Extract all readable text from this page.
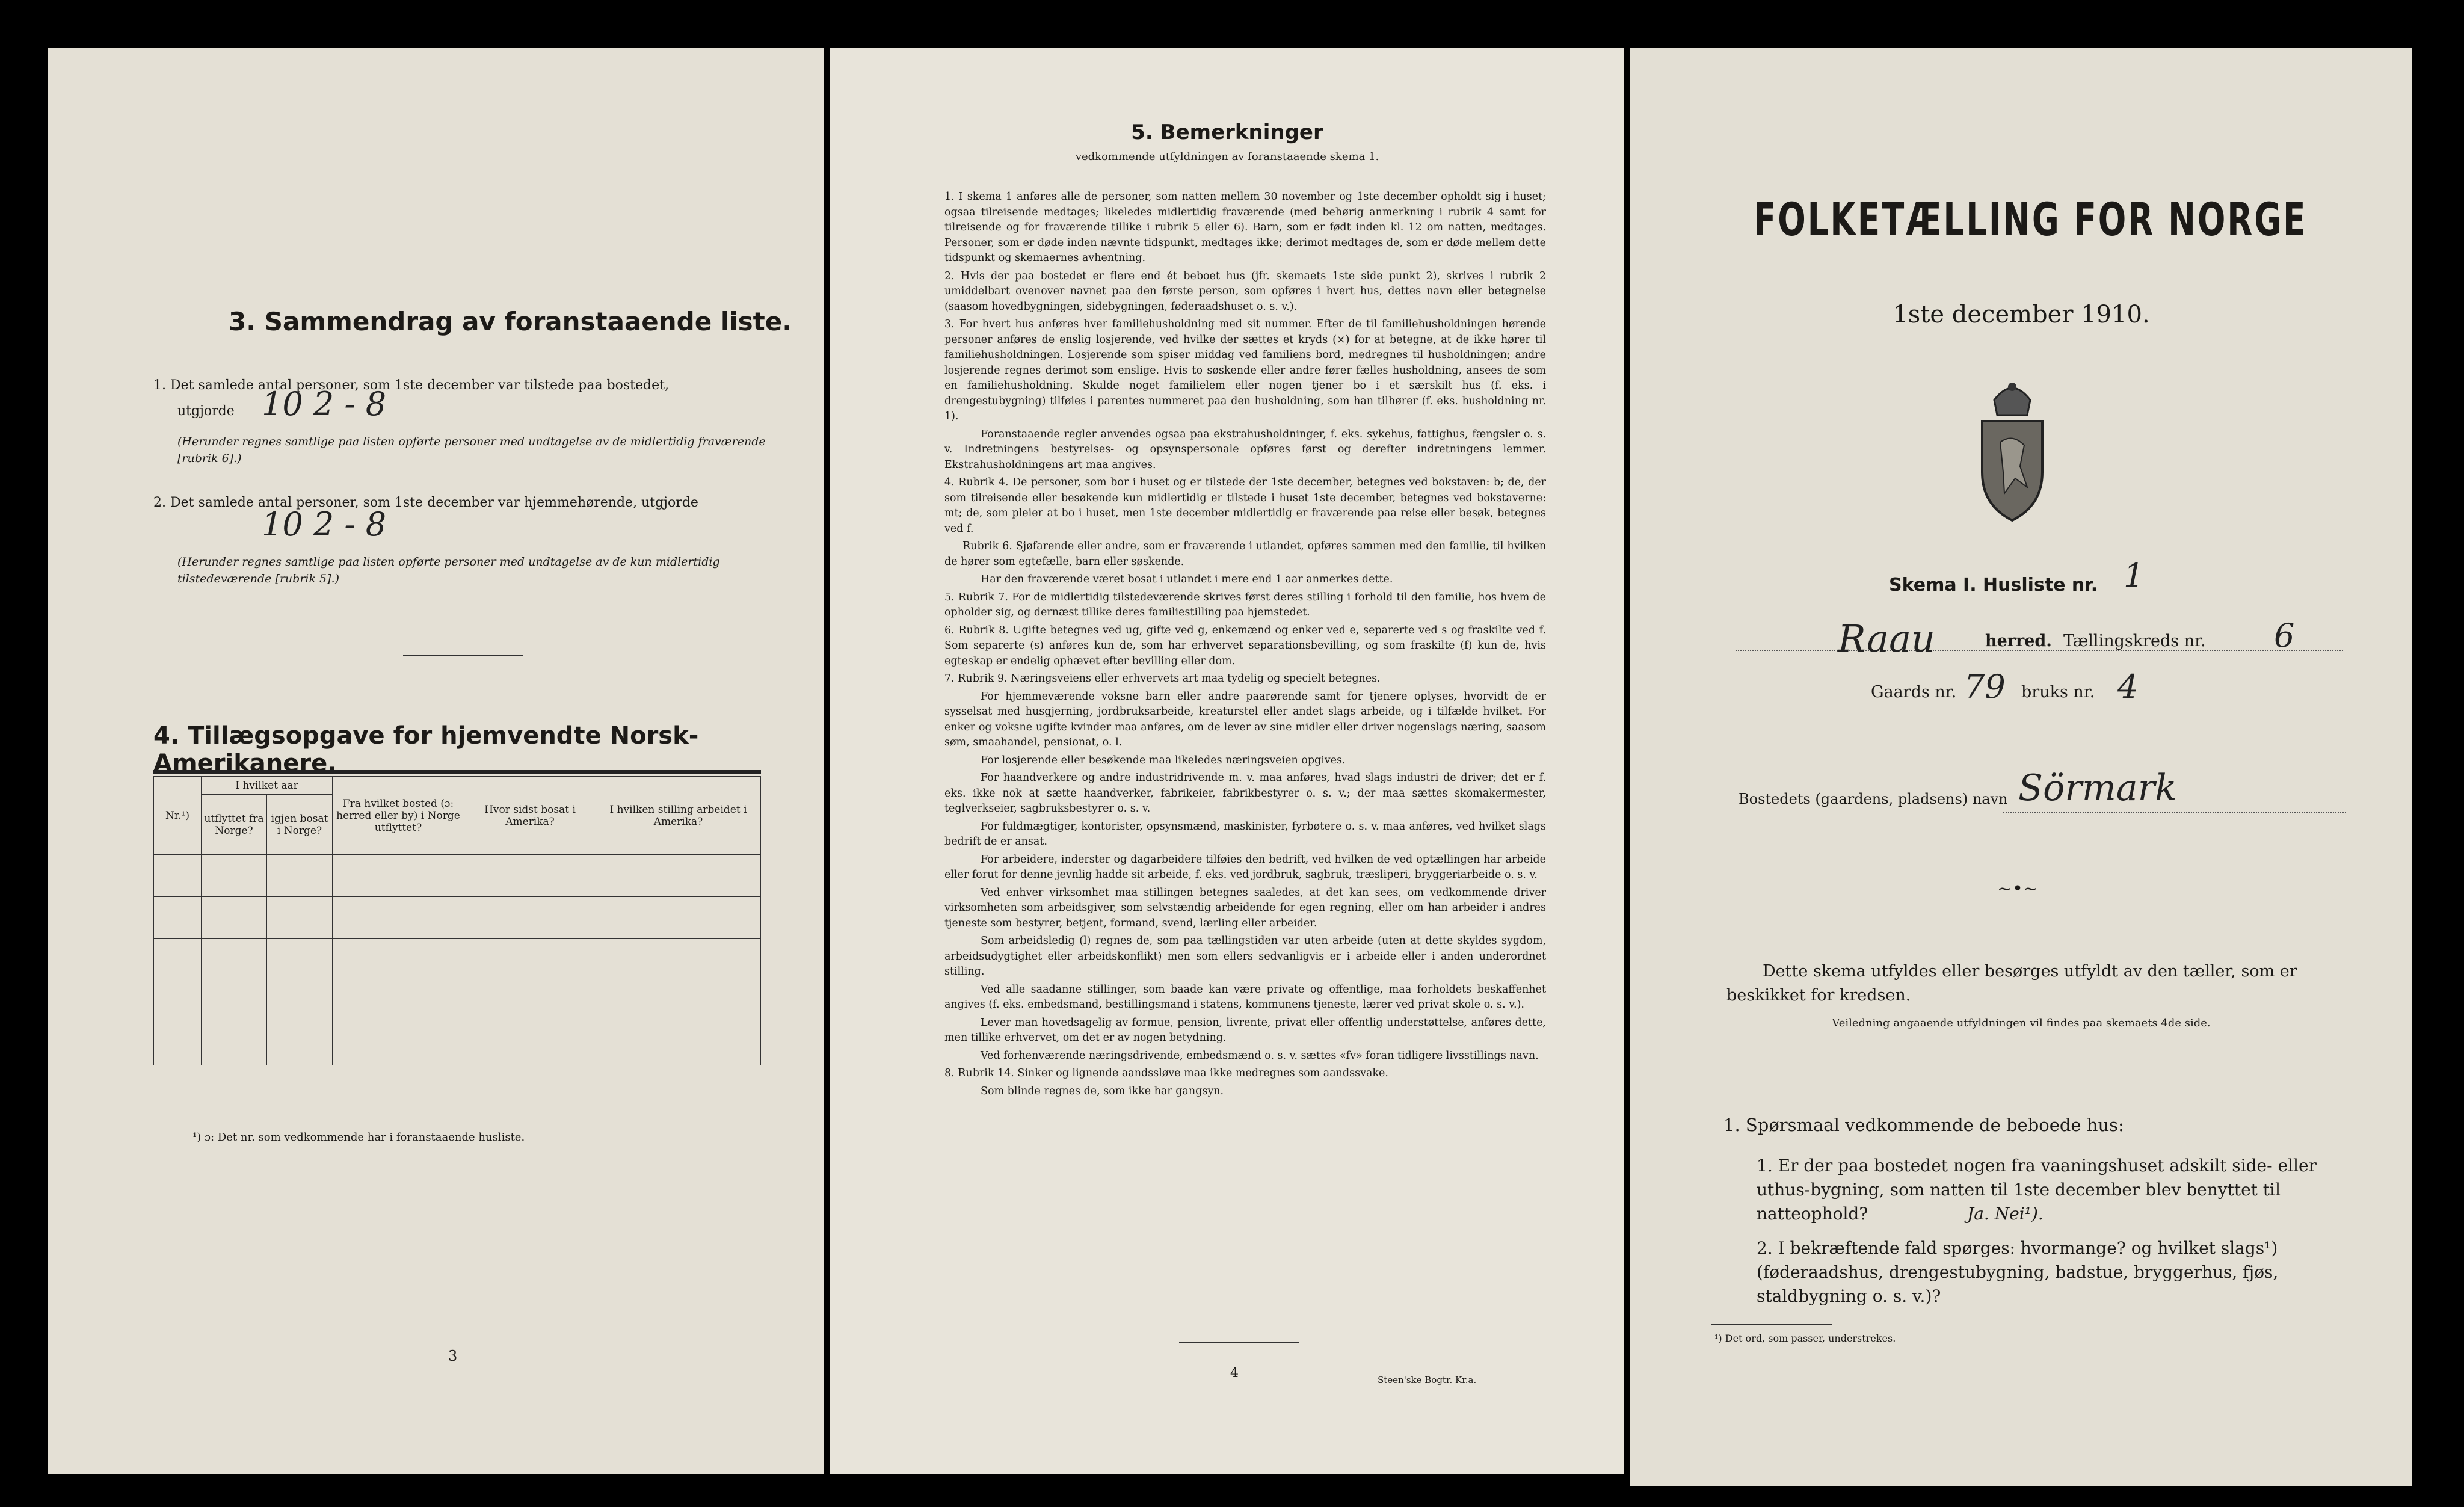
3. Sammendrag av foranstaaende liste.
1. Det samlede antal personer, som 1ste december var tilstede paa bostedet,
utgjorde 10 2 - 8
(Herunder regnes samtlige paa listen opførte personer med undtagelse av de midlertidig fraværende [rubrik 6].)
2. Det samlede antal personer, som 1ste december var hjemmehørende, utgjorde
10 2 - 8
(Herunder regnes samtlige paa listen opførte personer med undtagelse av de kun midlertidig tilstedeværende [rubrik 5].)
4. Tillægsopgave for hjemvendte Norsk-Amerikanere.
Nr.¹)	I hvilket aar		Fra hvilket bosted (ɔ: herred eller by) i Norge utflyttet?	Hvor sidst bosat i Amerika?	I hvilken stilling arbeidet i Amerika?
	utflyttet fra Norge?	igjen bosat i Norge?			

¹) ɔ: Det nr. som vedkommende har i foranstaaende husliste.
3
5. Bemerkninger
vedkommende utfyldningen av foranstaaende skema 1.

1. I skema 1 anføres alle de personer, som natten mellem 30 november og 1ste december opholdt sig i huset; ogsaa tilreisende medtages; likeledes midlertidig fraværende (med behørig anmerkning i rubrik 4 samt for tilreisende og for fraværende tillike i rubrik 5 eller 6). Barn, som er født inden kl. 12 om natten, medtages. Personer, som er døde inden nævnte tidspunkt, medtages ikke; derimot medtages de, som er døde mellem dette tidspunkt og skemaernes avhentning.

2. Hvis der paa bostedet er flere end ét beboet hus (jfr. skemaets 1ste side punkt 2), skrives i rubrik 2 umiddelbart ovenover navnet paa den første person, som opføres i hvert hus, dettes navn eller betegnelse (saasom hovedbygningen, sidebygningen, føderaadshuset o. s. v.).

3. For hvert hus anføres hver familiehusholdning med sit nummer. Efter de til familiehusholdningen hørende personer anføres de enslig losjerende, ved hvilke der sættes et kryds (×) for at betegne, at de ikke hører til familiehusholdningen. Losjerende som spiser middag ved familiens bord, medregnes til husholdningen; andre losjerende regnes derimot som enslige. Hvis to søskende eller andre fører fælles husholdning, ansees de som en familiehusholdning. Skulde noget familielem eller nogen tjener bo i et særskilt hus (f. eks. i drengestubygning) tilføies i parentes nummeret paa den husholdning, som han tilhører (f. eks. husholdning nr. 1).

Foranstaaende regler anvendes ogsaa paa ekstrahusholdninger, f. eks. sykehus, fattighus, fængsler o. s. v. Indretningens bestyrelses- og opsynspersonale opføres først og derefter indretningens lemmer. Ekstrahusholdningens art maa angives.

4. Rubrik 4. De personer, som bor i huset og er tilstede der 1ste december, betegnes ved bokstaven: b; de, der som tilreisende eller besøkende kun midlertidig er tilstede i huset 1ste december, betegnes ved bokstaverne: mt; de, som pleier at bo i huset, men 1ste december midlertidig er fraværende paa reise eller besøk, betegnes ved f.

Rubrik 6. Sjøfarende eller andre, som er fraværende i utlandet, opføres sammen med den familie, til hvilken de hører som egtefælle, barn eller søskende.

Har den fraværende været bosat i utlandet i mere end 1 aar anmerkes dette.

5. Rubrik 7. For de midlertidig tilstedeværende skrives først deres stilling i forhold til den familie, hos hvem de opholder sig, og dernæst tillike deres familiestilling paa hjemstedet.

6. Rubrik 8. Ugifte betegnes ved ug, gifte ved g, enkemænd og enker ved e, separerte ved s og fraskilte ved f. Som separerte (s) anføres kun de, som har erhvervet separationsbevilling, og som fraskilte (f) kun de, hvis egteskap er endelig ophævet efter bevilling eller dom.

7. Rubrik 9. Næringsveiens eller erhvervets art maa tydelig og specielt betegnes.

For hjemmeværende voksne barn eller andre paarørende samt for tjenere oplyses, hvorvidt de er sysselsat med husgjerning, jordbruksarbeide, kreaturstel eller andet slags arbeide, og i tilfælde hvilket. For enker og voksne ugifte kvinder maa anføres, om de lever av sine midler eller driver nogenslags næring, saasom søm, smaahandel, pensionat, o. l.

For losjerende eller besøkende maa likeledes næringsveien opgives.

For haandverkere og andre industridrivende m. v. maa anføres, hvad slags industri de driver; det er f. eks. ikke nok at sætte haandverker, fabrikeier, fabrikbestyrer o. s. v.; der maa sættes skomakermester, teglverkseier, sagbruksbestyrer o. s. v.

For fuldmægtiger, kontorister, opsynsmænd, maskinister, fyrbøtere o. s. v. maa anføres, ved hvilket slags bedrift de er ansat.

For arbeidere, inderster og dagarbeidere tilføies den bedrift, ved hvilken de ved optællingen har arbeide eller forut for denne jevnlig hadde sit arbeide, f. eks. ved jordbruk, sagbruk, træsliperi, bryggeriarbeide o. s. v.

Ved enhver virksomhet maa stillingen betegnes saaledes, at det kan sees, om vedkommende driver virksomheten som arbeidsgiver, som selvstændig arbeidende for egen regning, eller om han arbeider i andres tjeneste som bestyrer, betjent, formand, svend, lærling eller arbeider.

Som arbeidsledig (l) regnes de, som paa tællingstiden var uten arbeide (uten at dette skyldes sygdom, arbeidsudygtighet eller arbeidskonflikt) men som ellers sedvanligvis er i arbeide eller i anden underordnet stilling.

Ved alle saadanne stillinger, som baade kan være private og offentlige, maa forholdets beskaffenhet angives (f. eks. embedsmand, bestillingsmand i statens, kommunens tjeneste, lærer ved privat skole o. s. v.).

Lever man hovedsagelig av formue, pension, livrente, privat eller offentlig understøttelse, anføres dette, men tillike erhvervet, om det er av nogen betydning.

Ved forhenværende næringsdrivende, embedsmænd o. s. v. sættes «fv» foran tidligere livsstillings navn.

8. Rubrik 14. Sinker og lignende aandssløve maa ikke medregnes som aandssvake.

Som blinde regnes de, som ikke har gangsyn.

4	Steen'ske Bogtr. Kr.a.
FOLKETÆLLING FOR NORGE
1ste december 1910.
Skema I. Husliste nr. 1
Raau	herred. Tællingskreds nr. 6
Gaards nr. 79 bruks nr. 4
Bostedets (gaardens, pladsens) navn Sörmark
~•~
Dette skema utfyldes eller besørges utfyldt av den tæller, som er beskikket for kredsen.
Veiledning angaaende utfyldningen vil findes paa skemaets 4de side.
1. Spørsmaal vedkommende de beboede hus:
1. Er der paa bostedet nogen fra vaaningshuset adskilt side- eller uthus-bygning, som natten til 1ste december blev benyttet til natteophold?	Ja. Nei¹).
2. I bekræftende fald spørges: hvormange? og hvilket slags¹) (føderaadshus, drengestubygning, badstue, bryggerhus, fjøs, staldbygning o. s. v.)?
¹) Det ord, som passer, understrekes.
